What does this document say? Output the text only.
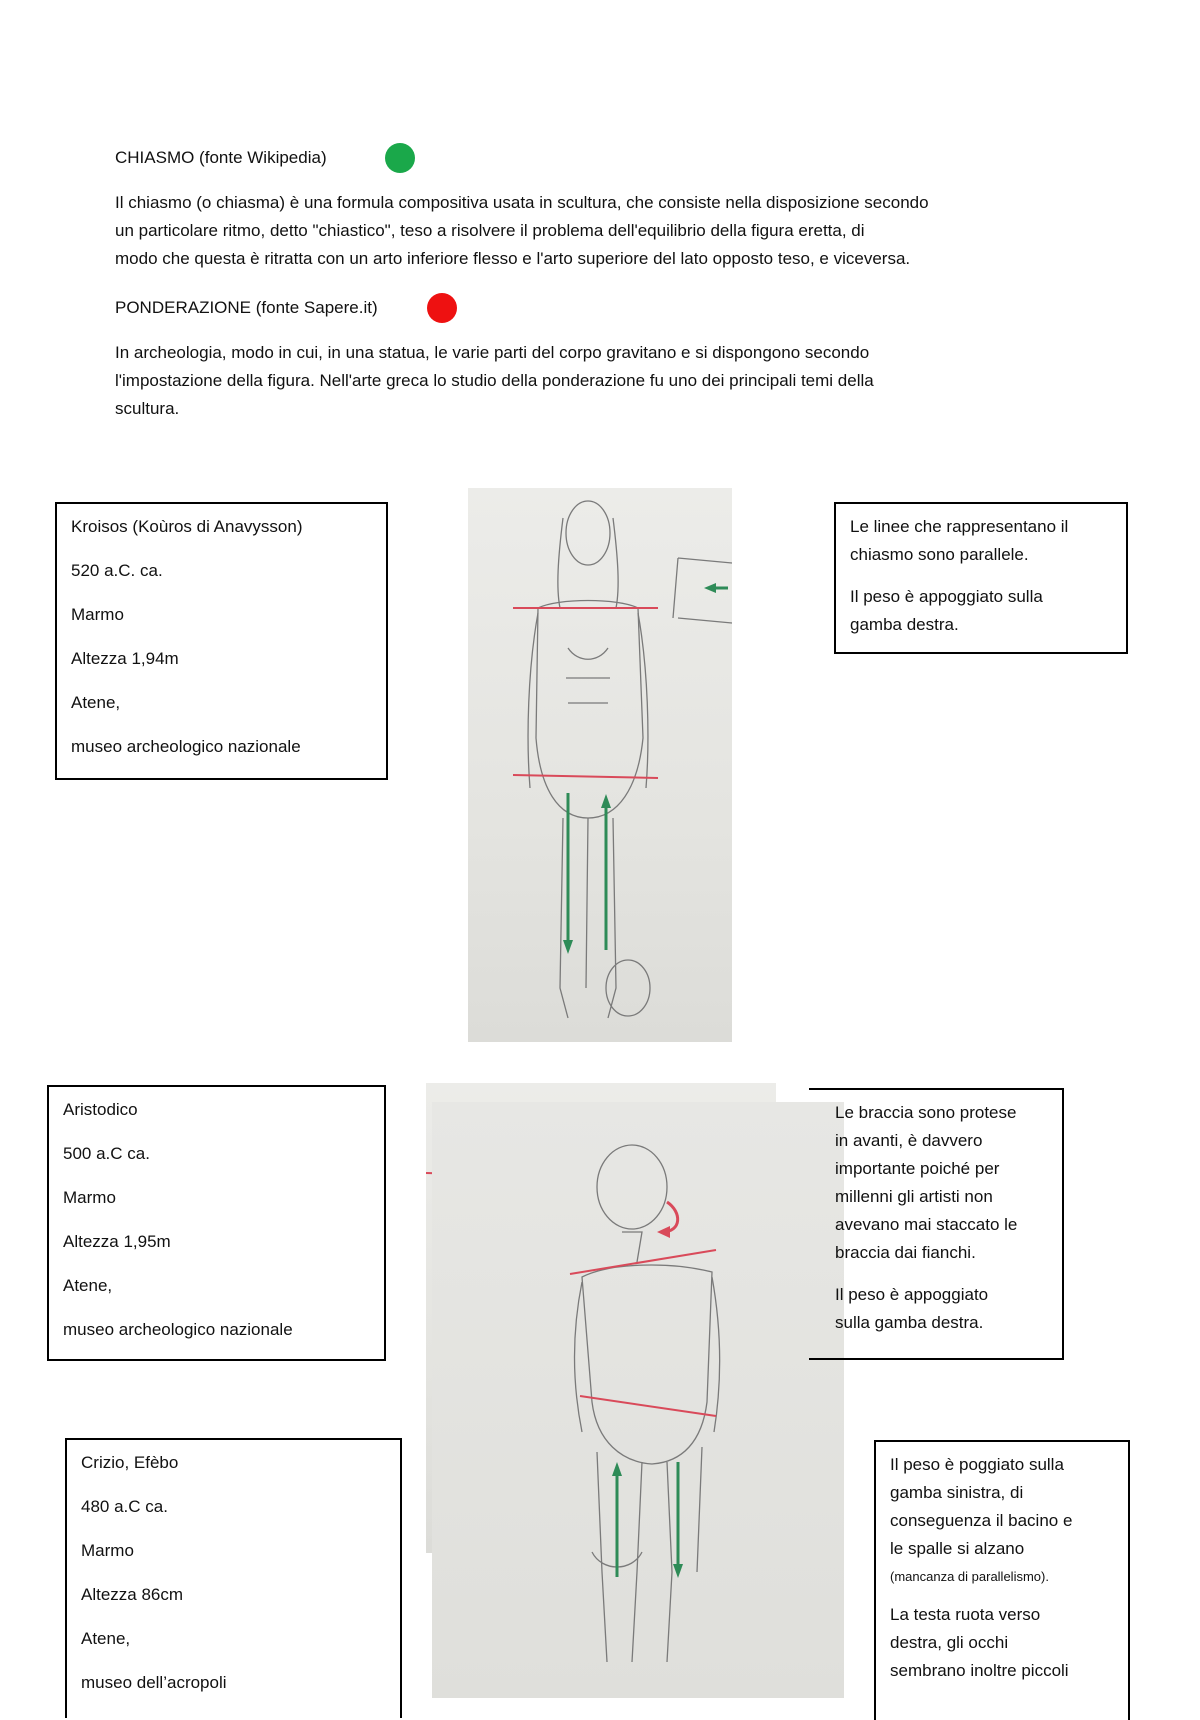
CHIASMO (fonte Wikipedia)
Il chiasmo (o chiasma) è una formula compositiva usata in scultura, che consiste nella disposizione secondo
un particolare ritmo, detto "chiastico", teso a risolvere il problema dell'equilibrio della figura eretta, di
modo che questa è ritratta con un arto inferiore flesso e l'arto superiore del lato opposto teso, e viceversa.
PONDERAZIONE (fonte Sapere.it)
In archeologia, modo in cui, in una statua, le varie parti del corpo gravitano e si dispongono secondo
l'impostazione della figura. Nell'arte greca lo studio della ponderazione fu uno dei principali temi della
scultura.
Kroisos (Koùros di Anavysson)
520 a.C. ca.
Marmo
Altezza 1,94m
Atene,
museo archeologico nazionale
Le linee che rappresentano il
chiasmo sono parallele.
Il peso è appoggiato sulla
gamba destra.
Aristodico
500 a.C ca.
Marmo
Altezza 1,95m
Atene,
museo archeologico nazionale
Le braccia sono protese
in avanti, è davvero
importante poiché per
millenni gli artisti non
avevano mai staccato le
braccia dai fianchi.
Il peso è appoggiato
sulla gamba destra.
Crizio, Efèbo
480 a.C ca.
Marmo
Altezza 86cm
Atene,
museo dell’acropoli
Il peso è poggiato sulla
gamba sinistra, di
conseguenza il bacino e
le spalle si alzano
(mancanza di parallelismo).
La testa ruota verso
destra, gli occhi
sembrano inoltre piccoli
